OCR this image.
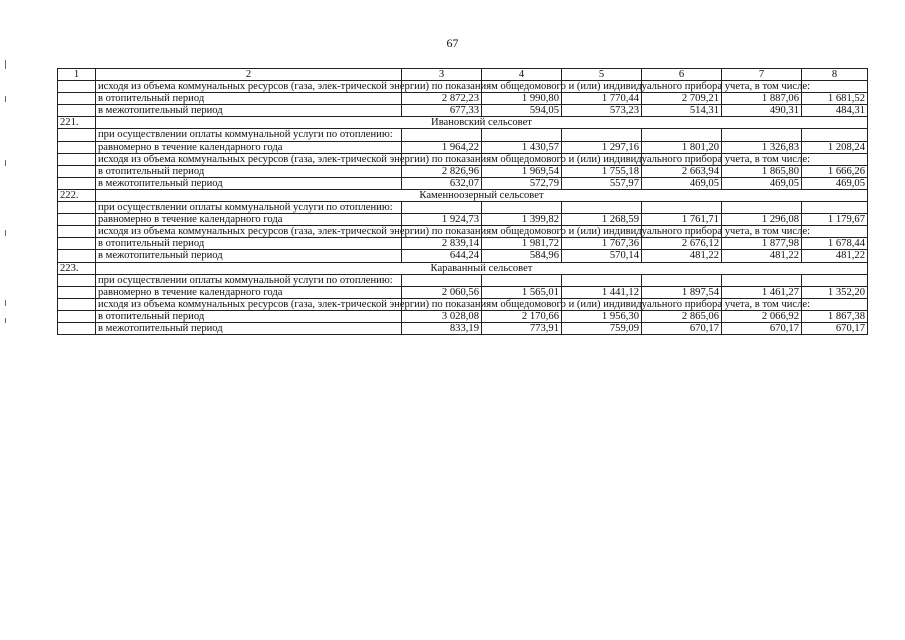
67
1	2	3	4	5	6	7	8
	исходя из объема коммунальных ресурсов (газа, элек-трической энергии) по показаниям общедомового и (или) индивидуального прибора учета, в том числе:						
	в отопительный период	2 872,23	1 990,80	1 770,44	2 709,21	1 887,06	1 681,52
	в межотопительный период	677,33	594,05	573,23	514,31	490,31	484,31
221.	Ивановский сельсовет						
	при осуществлении оплаты коммунальной услуги по отоплению:						
	равномерно в течение календарного года	1 964,22	1 430,57	1 297,16	1 801,20	1 326,83	1 208,24
	исходя из объема коммунальных ресурсов (газа, элек-трической энергии) по показаниям общедомового и (или) индивидуального прибора учета, в том числе:						
	в отопительный период	2 826,96	1 969,54	1 755,18	2 663,94	1 865,80	1 666,26
	в межотопительный период	632,07	572,79	557,97	469,05	469,05	469,05
222.	Каменноозерный сельсовет						
	при осуществлении оплаты коммунальной услуги по отоплению:						
	равномерно в течение календарного года	1 924,73	1 399,82	1 268,59	1 761,71	1 296,08	1 179,67
	исходя из объема коммунальных ресурсов (газа, элек-трической энергии) по показаниям общедомового и (или) индивидуального прибора учета, в том числе:						
	в отопительный период	2 839,14	1 981,72	1 767,36	2 676,12	1 877,98	1 678,44
	в межотопительный период	644,24	584,96	570,14	481,22	481,22	481,22
223.	Караванный сельсовет						
	при осуществлении оплаты коммунальной услуги по отоплению:						
	равномерно в течение календарного года	2 060,56	1 565,01	1 441,12	1 897,54	1 461,27	1 352,20
	исходя из объема коммунальных ресурсов (газа, элек-трической энергии) по показаниям общедомового и (или) индивидуального прибора учета, в том числе:						
	в отопительный период	3 028,08	2 170,66	1 956,30	2 865,06	2 066,92	1 867,38
	в межотопительный период	833,19	773,91	759,09	670,17	670,17	670,17
